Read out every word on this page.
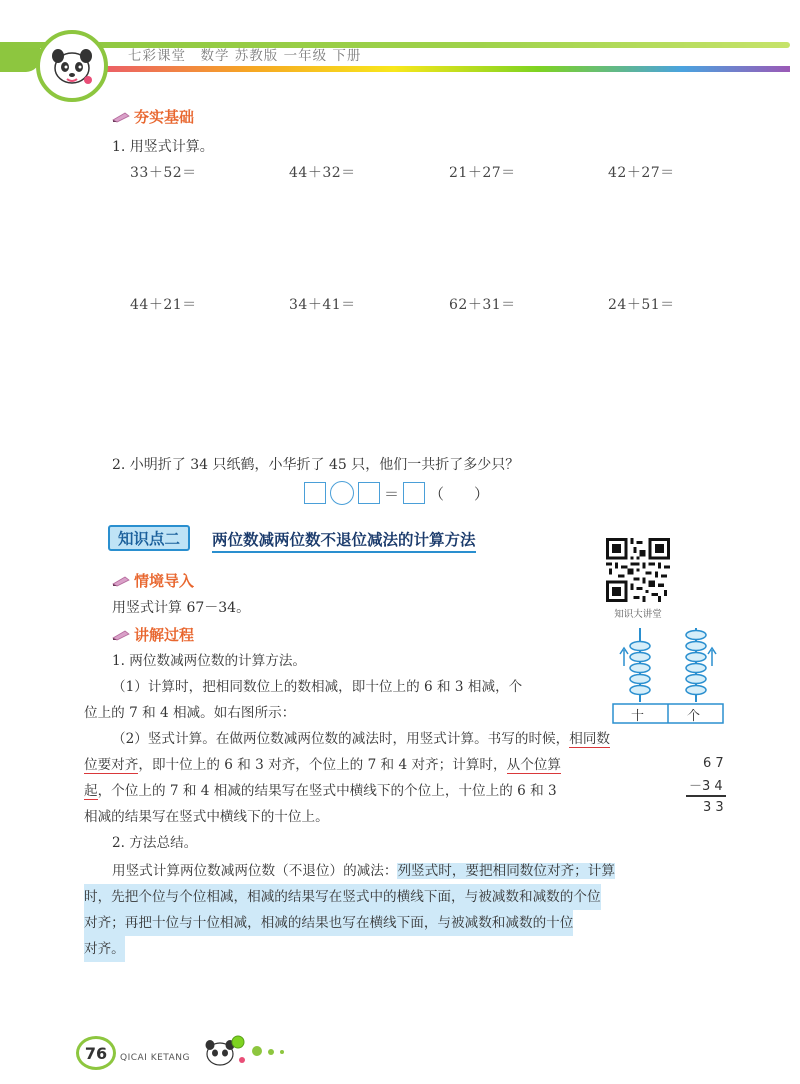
七彩课堂　数学 苏教版 一年级 下册
夯实基础
1. 用竖式计算。
33＋52＝	44＋32＝	21＋27＝	42＋27＝
44＋21＝	34＋41＝	62＋31＝	24＋51＝
2. 小明折了 34 只纸鹤，小华折了 45 只，他们一共折了多少只？
＝ （　　）
知识点二	两位数减两位数不退位减法的计算方法
知识大讲堂
情境导入
用竖式计算 67－34。
讲解过程
1. 两位数减两位数的计算方法。
（1）计算时，把相同数位上的数相减，即十位上的 6 和 3 相减，个
位上的 7 和 4 相减。如右图所示：
（2）竖式计算。在做两位数减两位数的减法时，用竖式计算。书写的时候，相同数
位要对齐，即十位上的 6 和 3 对齐，个位上的 7 和 4 对齐；计算时，从个位算
起，个位上的 7 和 4 相减的结果写在竖式中横线下的个位上，十位上的 6 和 3
相减的结果写在竖式中横线下的十位上。
2. 方法总结。
用竖式计算两位数减两位数（不退位）的减法：列竖式时，要把相同数位对齐；计算
时，先把个位与个位相减，相减的结果写在竖式中的横线下面，与被减数和减数的个位
对齐；再把十位与十位相减，相减的结果也写在横线下面，与被减数和减数的十位
对齐。
十	个
6 7
－3 4
3 3
76	QICAI KETANG
